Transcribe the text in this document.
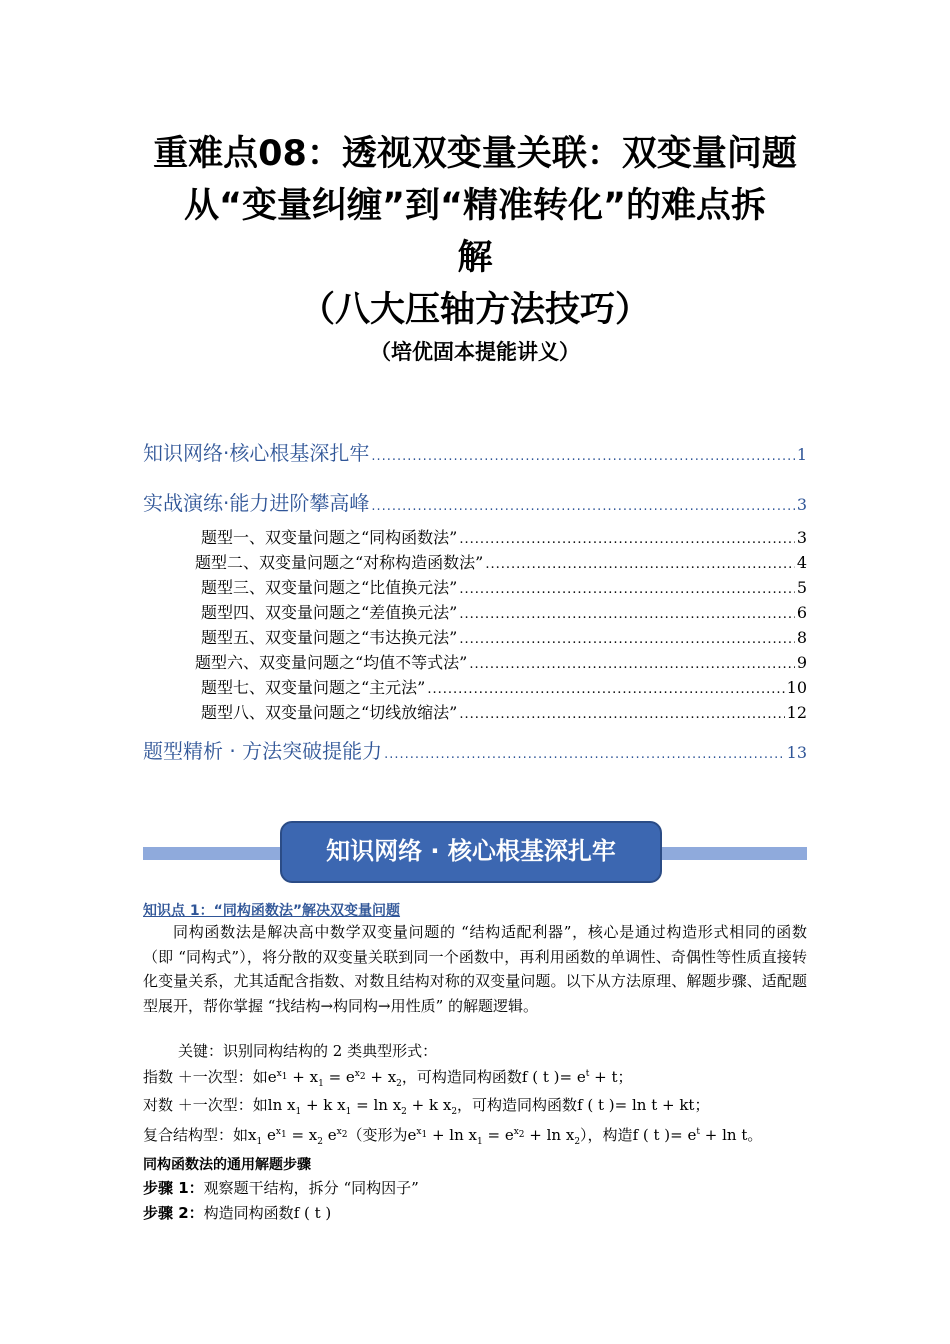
重难点08：透视双变量关联：双变量问题
从“变量纠缠”到“精准转化”的难点拆
解
（八大压轴方法技巧）
（培优固本提能讲义）
知识网络·核心根基深扎牢 .....	1
实战演练·能力进阶攀高峰 .....	3
题型一、双变量问题之“同构函数法” .....	3
题型二、双变量问题之“对称构造函数法” .....	4
题型三、双变量问题之“比值换元法” .....	5
题型四、双变量问题之“差值换元法” .....	6
题型五、双变量问题之“韦达换元法” .....	8
题型六、双变量问题之“均值不等式法” .....	9
题型七、双变量问题之“主元法” .....	10
题型八、双变量问题之“切线放缩法” .....	12
题型精析 · 方法突破提能力 .....	13
知识网络 · 核心根基深扎牢
知识点 1：“同构函数法”解决双变量问题
同构函数法是解决高中数学双变量问题的 “结构适配利器”，核心是通过构造形式相同的函数（即 “同构式”），将分散的双变量关联到同一个函数中，再利用函数的单调性、奇偶性等性质直接转化变量关系，尤其适配含指数、对数且结构对称的双变量问题。以下从方法原理、解题步骤、适配题型展开，帮你掌握 “找结构→构同构→用性质” 的解题逻辑。
关键：识别同构结构的 2 类典型形式：
指数 ＋一次型：如$e^{x_1} + x_1 = e^{x_2} + x_2$，可构造同构函数f ( t )= $e^t + t$；
对数 ＋一次型：如$\ln x_1 + k$ $x_1 = \ln x_2 + k$ $x_2$，可构造同构函数f ( t )= ln t + kt；
复合结构型：如$x_1$ $e^{x_1} = x_2$ $e^{x_2}$（变形为$e^{x_1} + \ln x_1 = e^{x_2} + \ln x_2$），构造f ( t )= $e^t + \ln t$。
同构函数法的通用解题步骤
步骤 1：观察题干结构，拆分 “同构因子”
步骤 2：构造同构函数f ( t )
